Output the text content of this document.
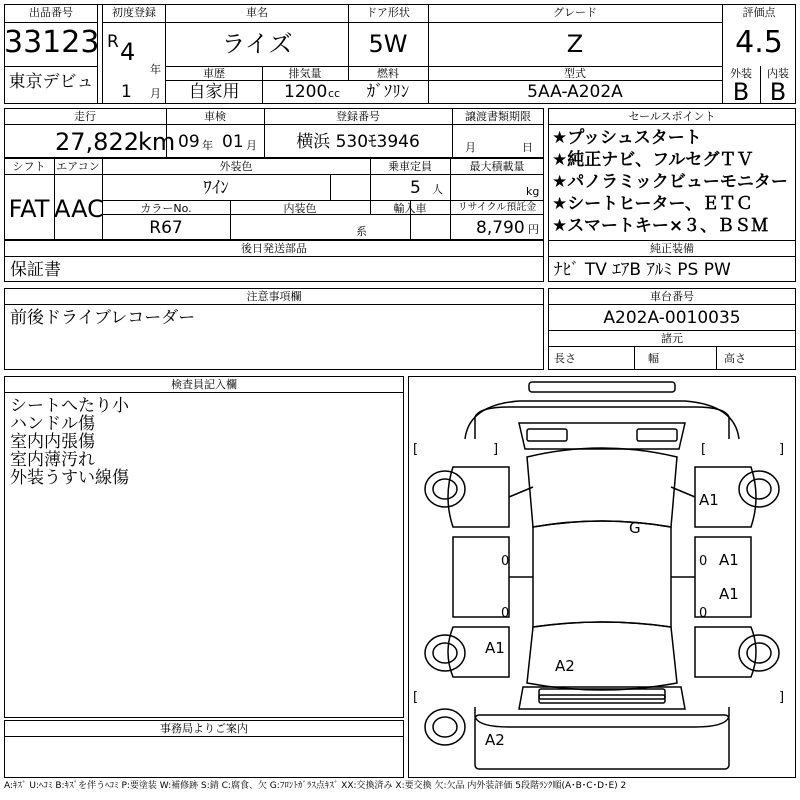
出品番号
33123
東京デビュ
初度登録
R 4
年
1 月
車名
ライズ
ドア形状
5W
グレード
Z
車歴
自家用
排気量
1200 cc
燃料
ｶﾞｿﾘﾝ
型式
5AA-A202A
評価点
4.5
外装
B
内装
B
走行
27,822 km
車検
09 年 01 月
登録番号
横浜 530ﾓ3946
譲渡書類期限
月	日
シフト
FAT
エアコン
AAC
外装色
ﾜｲﾝ
乗車定員
5 人
最大積載量
kg
カラーNo.
R67
内装色
系
輸入車	リサイクル預託金
8,790 円
後日発送部品
保証書
セールスポイント
★プッシュスタート
★純正ナビ、フルセグＴＶ
★パノラミックビューモニター
★シートヒーター、ＥＴＣ
★スマートキー×３、ＢＳＭ
純正装備
ﾅﾋﾞ TV ｴｱB ｱﾙﾐ PS PW
注意事項欄
前後ドライブレコーダー
車台番号
A202A-0010035
諸元
長さ	幅	高さ
検査員記入欄
シートへたり小
ハンドル傷
室内内張傷
室内薄汚れ
外装うすい線傷
事務局よりご案内
[	]	[	]
[	]
0	0
0	0
G
A1
A1
A1
A1
A2
A2
A:ｷｽﾞ U:ﾍｺﾐ B:ｷｽﾞを伴うﾍｺﾐ P:要塗装 W:補修跡 S:錆 C:腐食、欠 G:ﾌﾛﾝﾄｶﾞﾗｽ点ｷｽﾞ XX:交換済み X:要交換 欠:欠品 内外装評価 5段階ﾗﾝｸ順(A･B･C･D･E) 2
